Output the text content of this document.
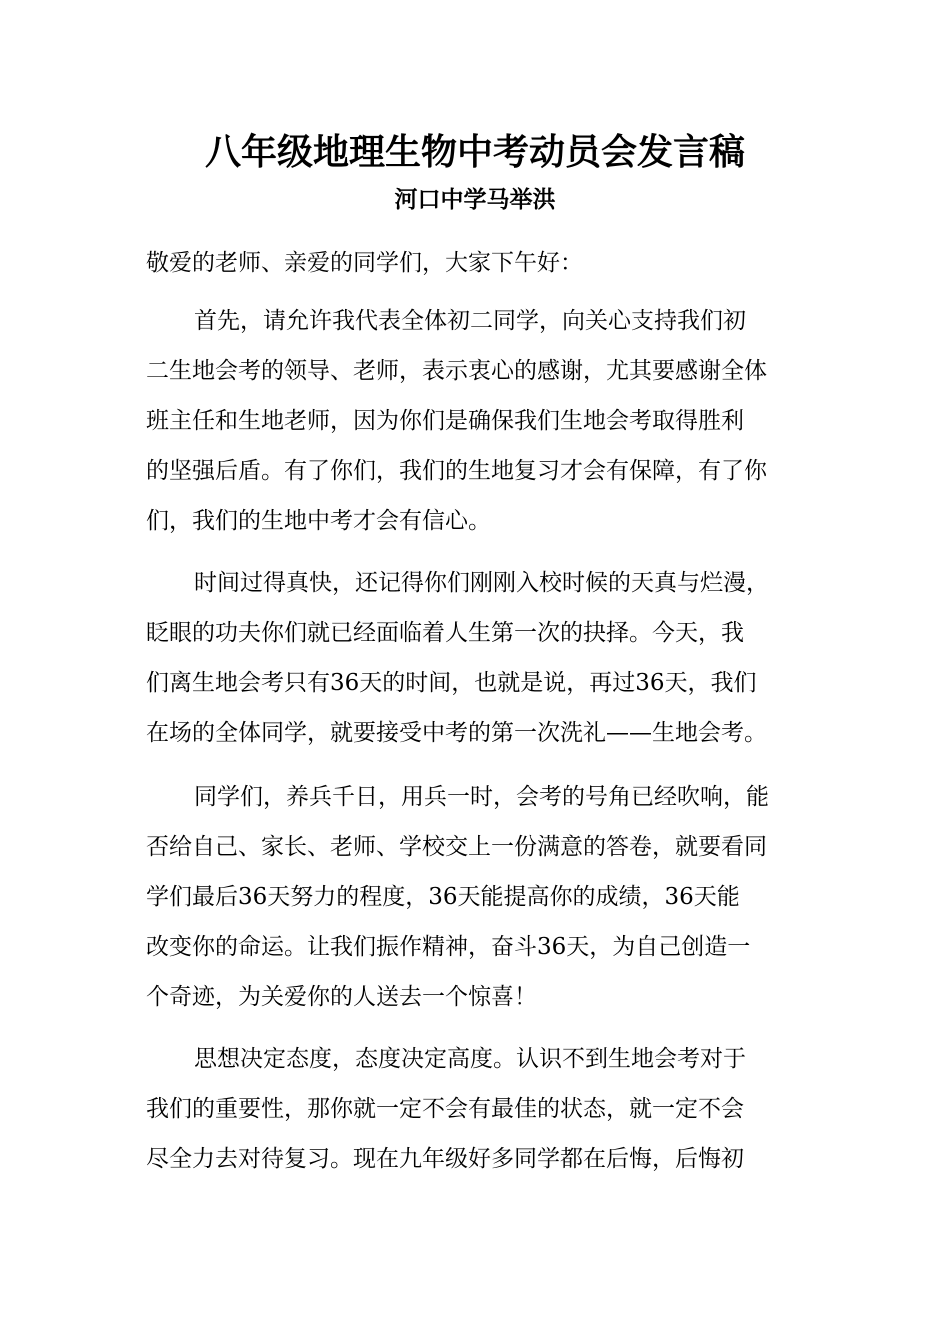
八年级地理生物中考动员会发言稿
河口中学马举洪
敬爱的老师、亲爱的同学们，大家下午好：
首先，请允许我代表全体初二同学，向关心支持我们初
二生地会考的领导、老师，表示衷心的感谢，尤其要感谢全体
班主任和生地老师，因为你们是确保我们生地会考取得胜利
的坚强后盾。有了你们，我们的生地复习才会有保障，有了你
们，我们的生地中考才会有信心。
时间过得真快，还记得你们刚刚入校时候的天真与烂漫，
眨眼的功夫你们就已经面临着人生第一次的抉择。今天，我
们离生地会考只有36天的时间，也就是说，再过36天，我们
在场的全体同学，就要接受中考的第一次洗礼——生地会考。
同学们，养兵千日，用兵一时，会考的号角已经吹响，能
否给自己、家长、老师、学校交上一份满意的答卷，就要看同
学们最后36天努力的程度，36天能提高你的成绩，36天能
改变你的命运。让我们振作精神，奋斗36天，为自己创造一
个奇迹，为关爱你的人送去一个惊喜！
思想决定态度，态度决定高度。认识不到生地会考对于
我们的重要性，那你就一定不会有最佳的状态，就一定不会
尽全力去对待复习。现在九年级好多同学都在后悔，后悔初
